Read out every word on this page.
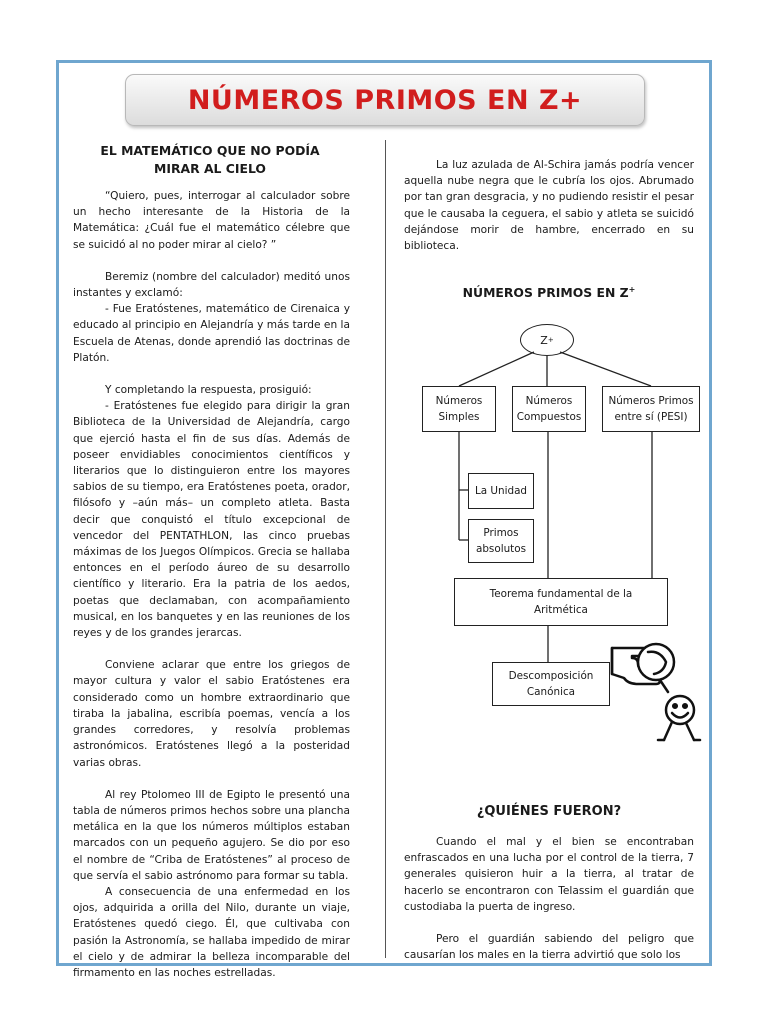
NÚMEROS PRIMOS EN Z+
EL MATEMÁTICO QUE NO PODÍA
MIRAR AL CIELO

“Quiero, pues, interrogar al calculador sobre un hecho interesante de la Historia de la Matemática: ¿Cuál fue el matemático célebre que se suicidó al no poder mirar al cielo? ”

Beremiz (nombre del calculador) meditó unos instantes y exclamó:

- Fue Eratóstenes, matemático de Cirenaica y educado al principio en Alejandría y más tarde en la Escuela de Atenas, donde aprendió las doctrinas de Platón.

Y completando la respuesta, prosiguió:

- Eratóstenes fue elegido para dirigir la gran Biblioteca de la Universidad de Alejandría, cargo que ejerció hasta el fin de sus días. Además de poseer envidiables conocimientos científicos y literarios que lo distinguieron entre los mayores sabios de su tiempo, era Eratóstenes poeta, orador, filósofo y –aún más– un completo atleta. Basta decir que conquistó el título excepcional de vencedor del PENTATHLON, las cinco pruebas máximas de los Juegos Olímpicos. Grecia se hallaba entonces en el período áureo de su desarrollo científico y literario. Era la patria de los aedos, poetas que declamaban, con acompañamiento musical, en los banquetes y en las reuniones de los reyes y de los grandes jerarcas.

Conviene aclarar que entre los griegos de mayor cultura y valor el sabio Eratóstenes era considerado como un hombre extraordinario que tiraba la jabalina, escribía poemas, vencía a los grandes corredores, y resolvía problemas astronómicos. Eratóstenes llegó a la posteridad varias obras.

Al rey Ptolomeo III de Egipto le presentó una tabla de números primos hechos sobre una plancha metálica en la que los números múltiplos estaban marcados con un pequeño agujero. Se dio por eso el nombre de “Criba de Eratóstenes” al proceso de que servía el sabio astrónomo para formar su tabla.

A consecuencia de una enfermedad en los ojos, adquirida a orilla del Nilo, durante un viaje, Eratóstenes quedó ciego. Él, que cultivaba con pasión la Astronomía, se hallaba impedido de mirar el cielo y de admirar la belleza incomparable del firmamento en las noches estrelladas.

La luz azulada de Al-Schira jamás podría vencer aquella nube negra que le cubría los ojos. Abrumado por tan gran desgracia, y no pudiendo resistir el pesar que le causaba la ceguera, el sabio y atleta se suicidó dejándose morir de hambre, encerrado en su biblioteca.

NÚMEROS PRIMOS EN Z+
Z +
Números
Simples
Números
Compuestos
Números Primos
entre sí (PESI)
La Unidad
Primos
absolutos
Teorema fundamental de la
Aritmética
Descomposición
Canónica
¿QUIÉNES FUERON?

Cuando el mal y el bien se encontraban enfrascados en una lucha por el control de la tierra, 7 generales quisieron huir a la tierra, al tratar de hacerlo se encontraron con Telassim el guardián que custodiaba la puerta de ingreso.

Pero el guardián sabiendo del peligro que causarían los males en la tierra advirtió que solo los
